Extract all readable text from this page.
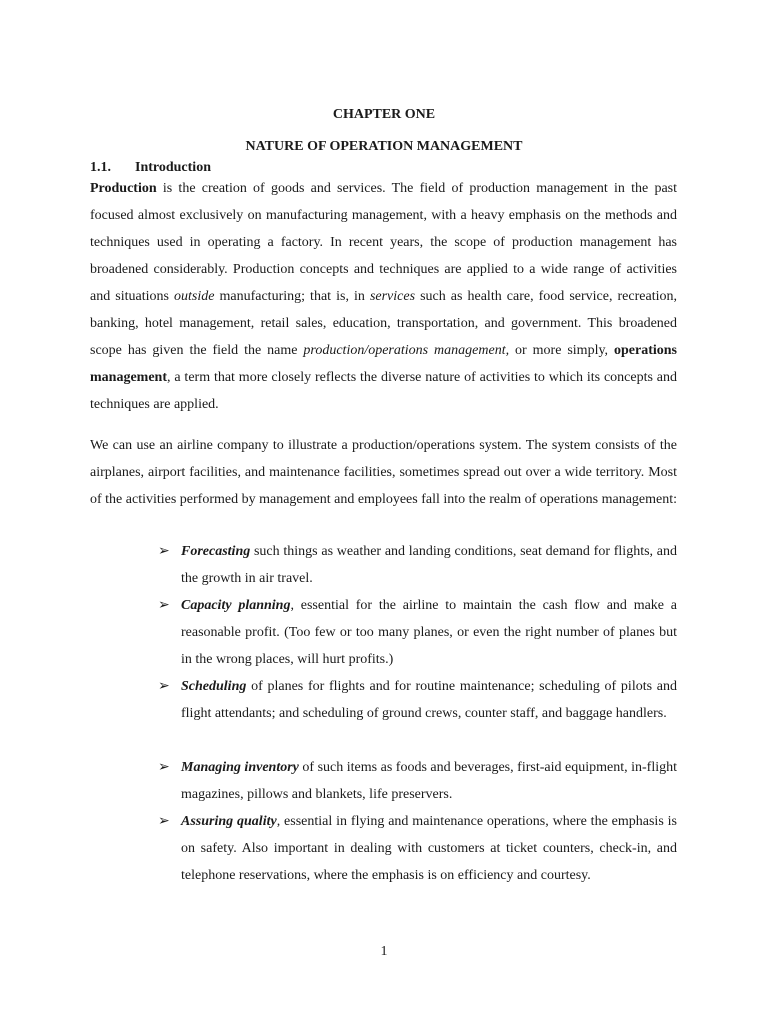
CHAPTER ONE
NATURE OF OPERATION MANAGEMENT
1.1. Introduction

Production is the creation of goods and services. The field of production management in the past focused almost exclusively on manufacturing management, with a heavy emphasis on the methods and techniques used in operating a factory. In recent years, the scope of production management has broadened considerably. Production concepts and techniques are applied to a wide range of activities and situations outside manufacturing; that is, in services such as health care, food service, recreation, banking, hotel management, retail sales, education, transportation, and government. This broadened scope has given the field the name production/operations management, or more simply, operations management, a term that more closely reflects the diverse nature of activities to which its concepts and techniques are applied.

We can use an airline company to illustrate a production/operations system. The system consists of the airplanes, airport facilities, and maintenance facilities, sometimes spread out over a wide territory. Most of the activities performed by management and employees fall into the realm of operations management:

➢ Forecasting such things as weather and landing conditions, seat demand for flights, and the growth in air travel.

➢ Capacity planning, essential for the airline to maintain the cash flow and make a reasonable profit. (Too few or too many planes, or even the right number of planes but in the wrong places, will hurt profits.)

➢ Scheduling of planes for flights and for routine maintenance; scheduling of pilots and flight attendants; and scheduling of ground crews, counter staff, and baggage handlers.

➢ Managing inventory of such items as foods and beverages, first-aid equipment, in-flight magazines, pillows and blankets, life preservers.

➢ Assuring quality, essential in flying and maintenance operations, where the emphasis is on safety. Also important in dealing with customers at ticket counters, check-in, and telephone reservations, where the emphasis is on efficiency and courtesy.

1
